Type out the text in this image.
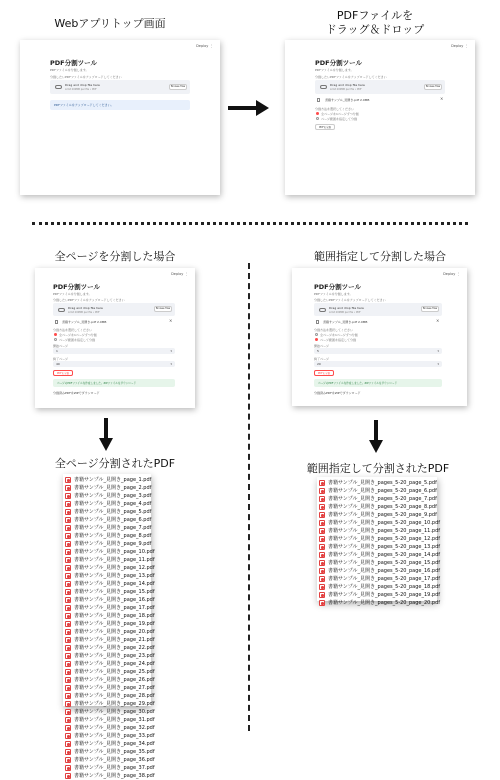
Webアプリトップ画面
PDFファイルを
ドラッグ＆ドロップ
全ページを分割した場合	範囲指定して分割した場合
全ページ分割されたPDF	範囲指定して分割されたPDF
Deploy ⋮
PDF分割ツール
PDFファイルを分割します。
分割したいPDFファイルをアップロードしてください
Drag and drop file here
Limit 200MB per file • PDF
Browse files
PDFファイルをアップロードしてください。
Deploy ⋮
PDF分割ツール
PDFファイルを分割します。
分割したいPDFファイルをアップロードしてください
Drag and drop file here
Limit 200MB per file • PDF
Browse files
書籍サンプル_見開き.pdf 2.0MB	×
分割方法を選択してください
全ページを1ページずつ分割
ページ範囲を指定して分割
PDFを分割
Deploy ⋮
PDF分割ツール
PDFファイルを分割します。
分割したいPDFファイルをアップロードしてください
Drag and drop file here
Limit 200MB per file • PDF
Browse files
書籍サンプル_見開き.pdf 2.0MB	×
分割方法を選択してください
全ページを1ページずつ分割
ページ範囲を指定して分割
開始ページ
1	▾
終了ページ
40	▾
PDFを分割
ページのPDFファイルを作成しました。ZIPファイルをダウンロード
分割済みPDFをZIPでダウンロード
Deploy ⋮
PDF分割ツール
PDFファイルを分割します。
分割したいPDFファイルをアップロードしてください
Drag and drop file here
Limit 200MB per file • PDF
Browse files
書籍サンプル_見開き.pdf 2.0MB	×
分割方法を選択してください
全ページを1ページずつ分割
ページ範囲を指定して分割
開始ページ
5	▾
終了ページ
20	▾
PDFを分割
ページのPDFファイルを作成しました。ZIPファイルをダウンロード
分割済みPDFをZIPでダウンロード
書籍サンプル_見開き_page_1.pdf
書籍サンプル_見開き_page_2.pdf
書籍サンプル_見開き_page_3.pdf
書籍サンプル_見開き_page_4.pdf
書籍サンプル_見開き_page_5.pdf
書籍サンプル_見開き_page_6.pdf
書籍サンプル_見開き_page_7.pdf
書籍サンプル_見開き_page_8.pdf
書籍サンプル_見開き_page_9.pdf
書籍サンプル_見開き_page_10.pdf
書籍サンプル_見開き_page_11.pdf
書籍サンプル_見開き_page_12.pdf
書籍サンプル_見開き_page_13.pdf
書籍サンプル_見開き_page_14.pdf
書籍サンプル_見開き_page_15.pdf
書籍サンプル_見開き_page_16.pdf
書籍サンプル_見開き_page_17.pdf
書籍サンプル_見開き_page_18.pdf
書籍サンプル_見開き_page_19.pdf
書籍サンプル_見開き_page_20.pdf
書籍サンプル_見開き_page_21.pdf
書籍サンプル_見開き_page_22.pdf
書籍サンプル_見開き_page_23.pdf
書籍サンプル_見開き_page_24.pdf
書籍サンプル_見開き_page_25.pdf
書籍サンプル_見開き_page_26.pdf
書籍サンプル_見開き_page_27.pdf
書籍サンプル_見開き_page_28.pdf
書籍サンプル_見開き_page_29.pdf
書籍サンプル_見開き_page_30.pdf
書籍サンプル_見開き_page_31.pdf
書籍サンプル_見開き_page_32.pdf
書籍サンプル_見開き_page_33.pdf
書籍サンプル_見開き_page_34.pdf
書籍サンプル_見開き_page_35.pdf
書籍サンプル_見開き_page_36.pdf
書籍サンプル_見開き_page_37.pdf
書籍サンプル_見開き_page_38.pdf
書籍サンプル_見開き_pages_5-20_page_5.pdf
書籍サンプル_見開き_pages_5-20_page_6.pdf
書籍サンプル_見開き_pages_5-20_page_7.pdf
書籍サンプル_見開き_pages_5-20_page_8.pdf
書籍サンプル_見開き_pages_5-20_page_9.pdf
書籍サンプル_見開き_pages_5-20_page_10.pdf
書籍サンプル_見開き_pages_5-20_page_11.pdf
書籍サンプル_見開き_pages_5-20_page_12.pdf
書籍サンプル_見開き_pages_5-20_page_13.pdf
書籍サンプル_見開き_pages_5-20_page_14.pdf
書籍サンプル_見開き_pages_5-20_page_15.pdf
書籍サンプル_見開き_pages_5-20_page_16.pdf
書籍サンプル_見開き_pages_5-20_page_17.pdf
書籍サンプル_見開き_pages_5-20_page_18.pdf
書籍サンプル_見開き_pages_5-20_page_19.pdf
書籍サンプル_見開き_pages_5-20_page_20.pdf
